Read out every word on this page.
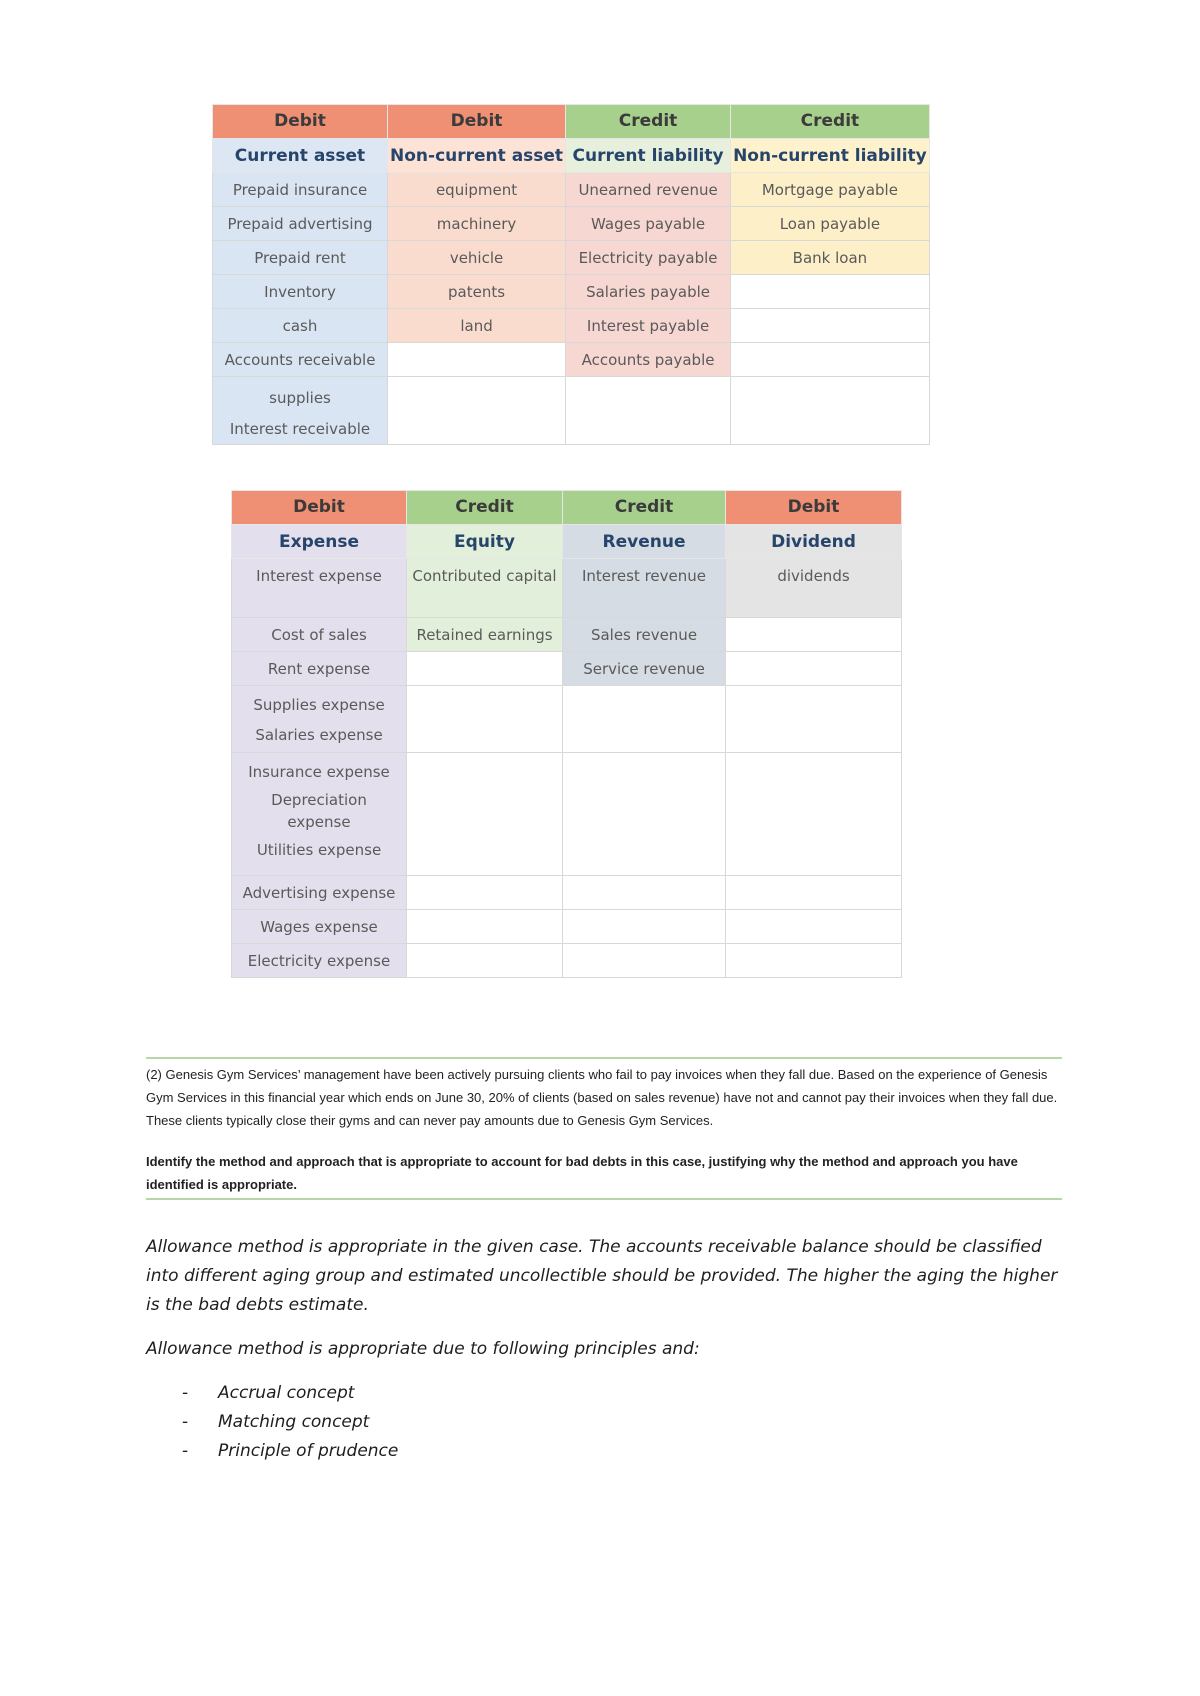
Debit	Debit	Credit	Credit
Current asset	Non-current asset	Current liability	Non-current liability
Prepaid insurance	equipment	Unearned revenue	Mortgage payable
Prepaid advertising	machinery	Wages payable	Loan payable
Prepaid rent	vehicle	Electricity payable	Bank loan
Inventory	patents	Salaries payable	
cash	land	Interest payable	
Accounts receivable		Accounts payable	

supplies
Interest receivable			

Debit	Credit	Credit	Debit
Expense	Equity	Revenue	Dividend
Interest expense	Contributed capital	Interest revenue	dividends
Cost of sales	Retained earnings	Sales revenue	
Rent expense		Service revenue	

Supplies expense
Salaries expense			

Insurance expense
Depreciation expense
Utilities expense			

Advertising expense			
Wages expense			
Electricity expense			

(2) Genesis Gym Services’ management have been actively pursuing clients who fail to pay invoices when they fall due. Based on the experience of Genesis Gym Services in this financial year which ends on June 30, 20% of clients (based on sales revenue) have not and cannot pay their invoices when they fall due. These clients typically close their gyms and can never pay amounts due to Genesis Gym Services.

Identify the method and approach that is appropriate to account for bad debts in this case, justifying why the method and approach you have identified is appropriate.

Allowance method is appropriate in the given case. The accounts receivable balance should be classified into different aging group and estimated uncollectible should be provided. The higher the aging the higher is the bad debts estimate.

Allowance method is appropriate due to following principles and:

- Accrual concept
- Matching concept
- Principle of prudence
